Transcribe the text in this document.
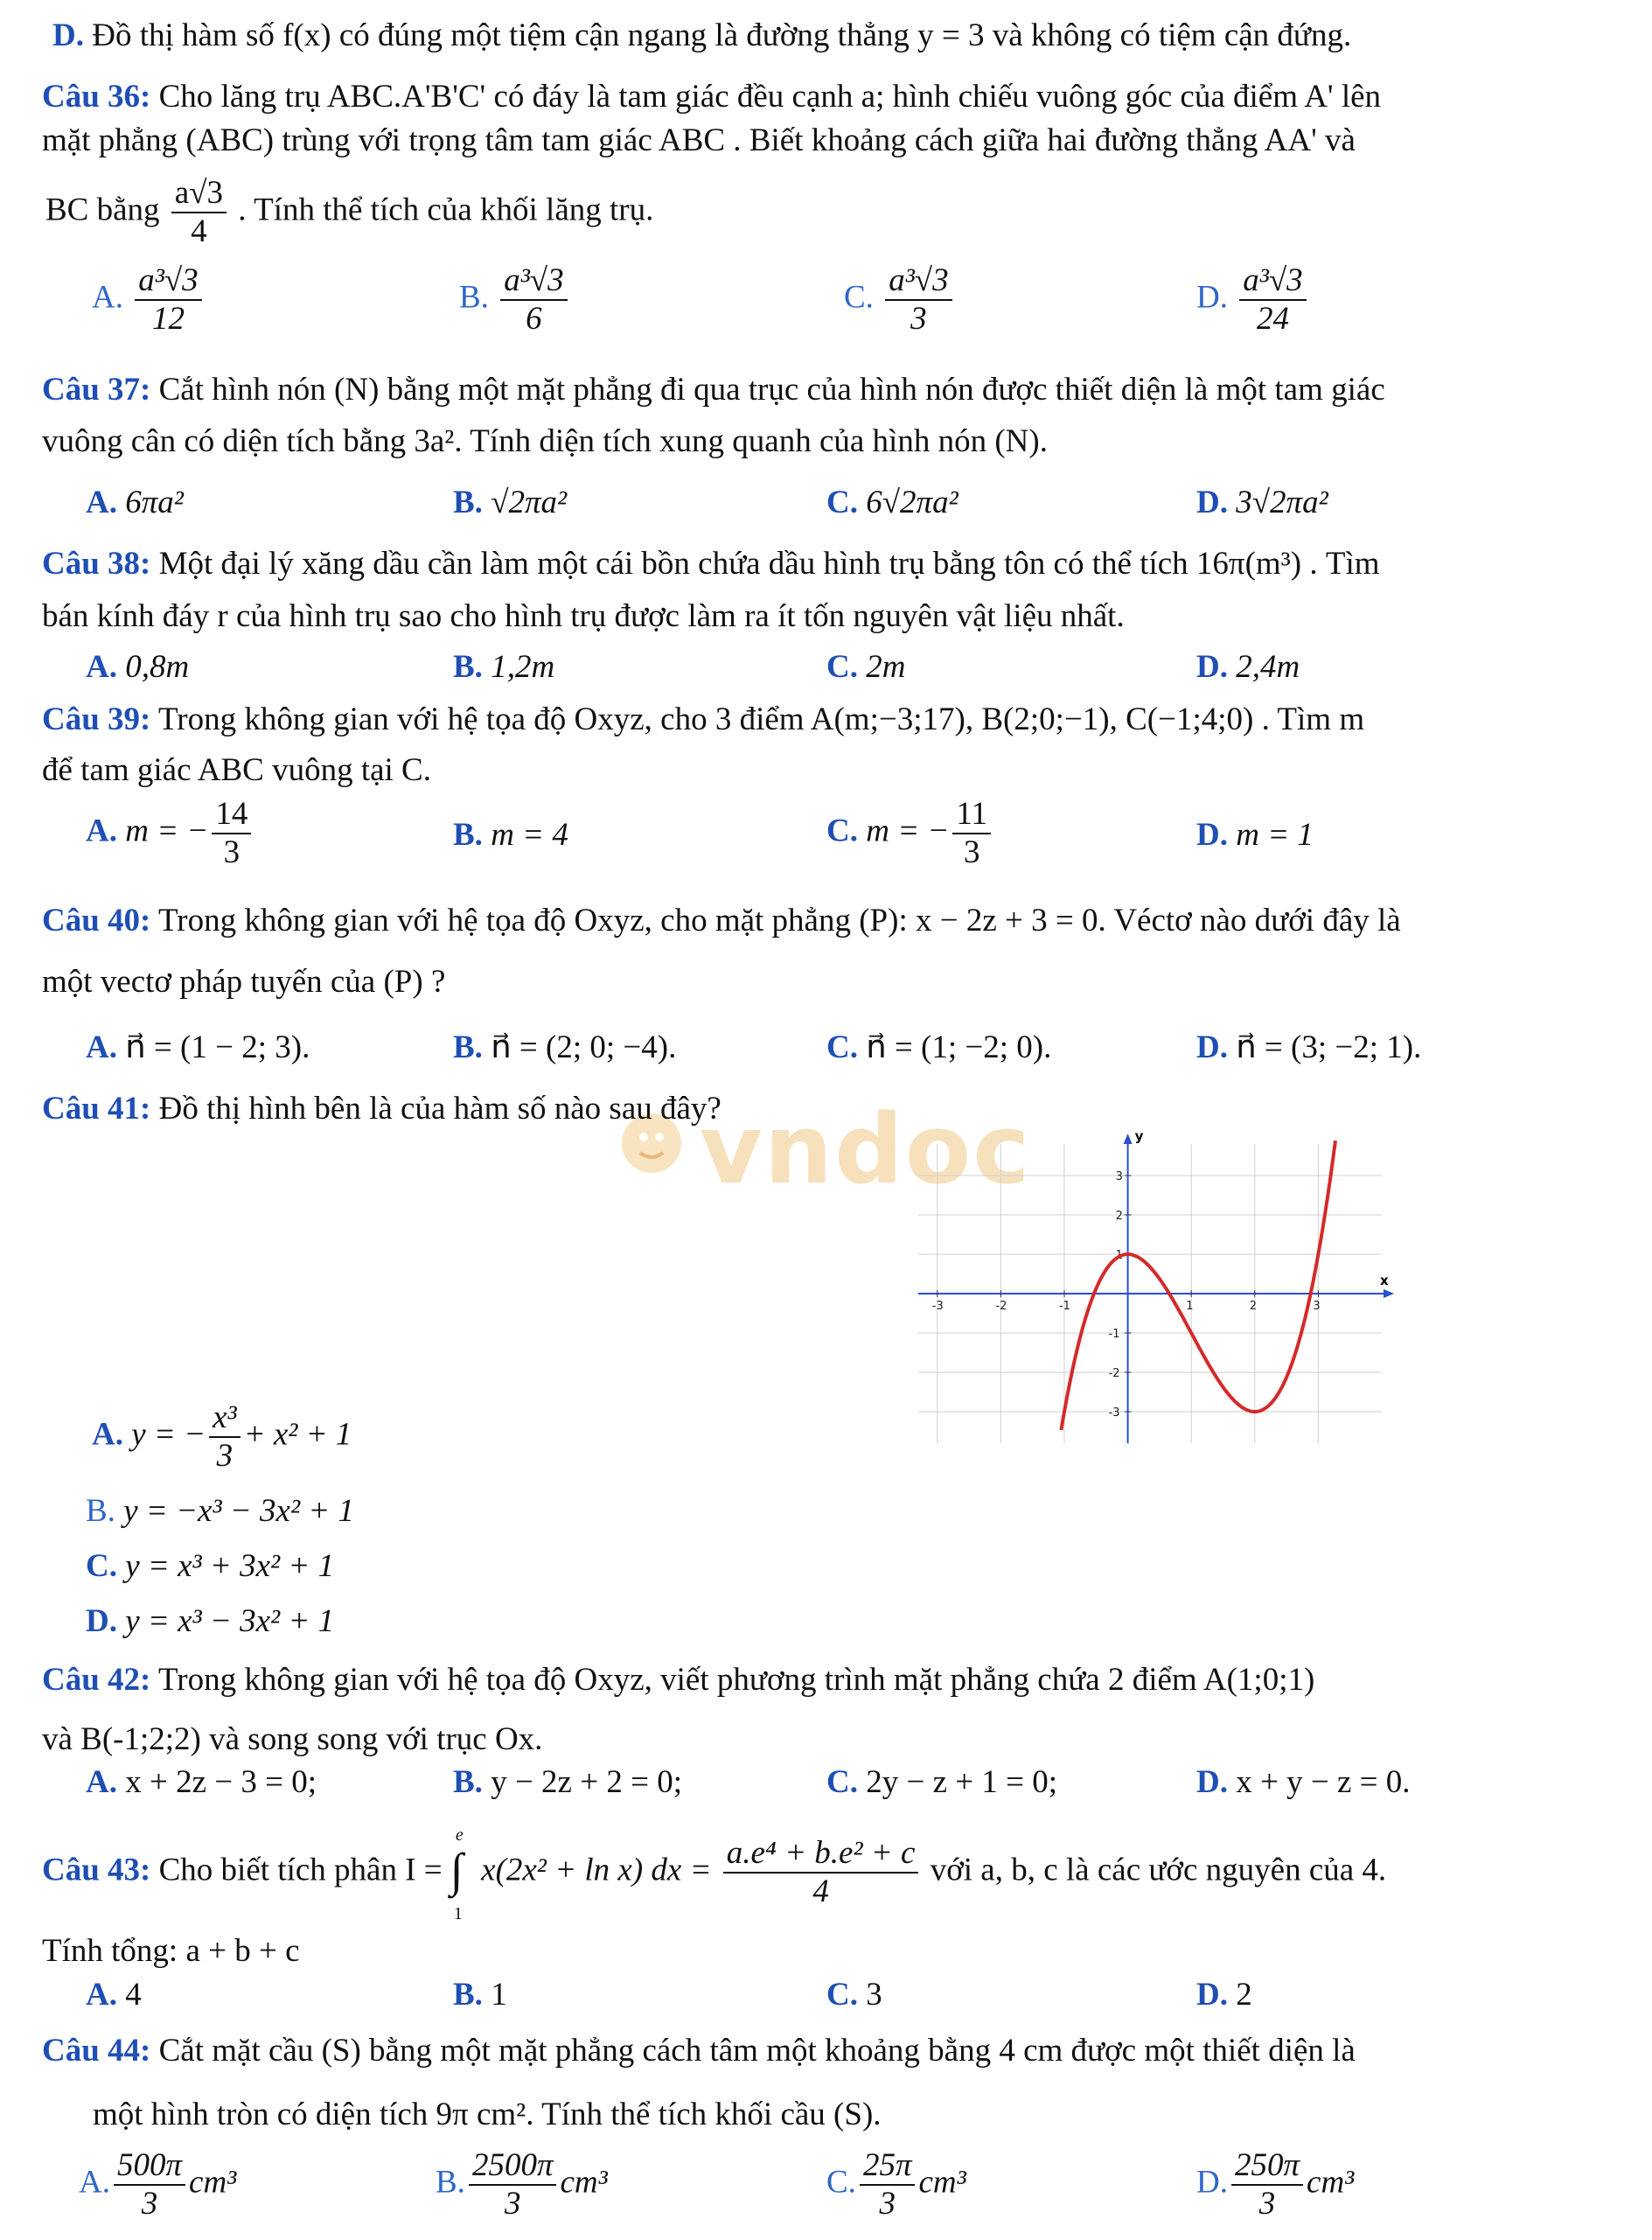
vndoc
D. Đồ thị hàm số f(x) có đúng một tiệm cận ngang là đường thẳng y = 3 và không có tiệm cận đứng.
Câu 36: Cho lăng trụ ABC.A'B'C' có đáy là tam giác đều cạnh a; hình chiếu vuông góc của điểm A' lên
mặt phẳng (ABC) trùng với trọng tâm tam giác ABC . Biết khoảng cách giữa hai đường thẳng AA' và
BC bằng $\frac{a√3}{4}$ . Tính thể tích của khối lăng trụ.
A. $\frac{\text{a³√3}}{12}$	B. $\frac{\text{a³√3}}{6}$	C. $\frac{\text{a³√3}}{3}$	D. $\frac{\text{a³√3}}{24}$
Câu 37: Cắt hình nón (N) bằng một mặt phẳng đi qua trục của hình nón được thiết diện là một tam giác
vuông cân có diện tích bằng 3a². Tính diện tích xung quanh của hình nón (N).
A. 6πa²	B. √2πa²	C. 6√2πa²	D. 3√2πa²
Câu 38: Một đại lý xăng dầu cần làm một cái bồn chứa dầu hình trụ bằng tôn có thể tích 16π(m³) . Tìm
bán kính đáy r của hình trụ sao cho hình trụ được làm ra ít tốn nguyên vật liệu nhất.
A. 0,8m	B. 1,2m	C. 2m	D. 2,4m
Câu 39: Trong không gian với hệ tọa độ Oxyz, cho 3 điểm A(m;−3;17), B(2;0;−1), C(−1;4;0) . Tìm m
để tam giác ABC vuông tại C.
A. m = − $\frac{14}{3}$	B. m = 4	C. m = − $\frac{11}{3}$	D. m = 1
Câu 40: Trong không gian với hệ tọa độ Oxyz, cho mặt phẳng (P): x − 2z + 3 = 0. Véctơ nào dưới đây là
một vectơ pháp tuyến của (P) ?
A. n⃗ = (1 − 2; 3).	B. n⃗ = (2; 0; −4).	C. n⃗ = (1; −2; 0).	D. n⃗ = (3; −2; 1).
Câu 41: Đồ thị hình bên là của hàm số nào sau đây?
-3	-2	-1	1	2	3
-3
-2
-1
1
2
3
x
y
A. y = − $\frac{\text{x³}}{3} + x^2 + 1$
B. y = −x³ − 3x² + 1
C. y = x³ + 3x² + 1
D. y = x³ − 3x² + 1
Câu 42: Trong không gian với hệ tọa độ Oxyz, viết phương trình mặt phẳng chứa 2 điểm A(1;0;1)
và B(-1;2;2) và song song với trục Ox.
A. x + 2z − 3 = 0;	B. y − 2z + 2 = 0;	C. 2y − z + 1 = 0;	D. x + y − z = 0.
Câu 43: Cho biết tích phân I =
e
∫
1
x(2x² + ln x) dx = $\frac{\text{a.e⁴ + b.e² + c}}{4}$ với a, b, c là các ước nguyên của 4.
Tính tổng: a + b + c
A. 4	B. 1	C. 3	D. 2
Câu 44: Cắt mặt cầu (S) bằng một mặt phẳng cách tâm một khoảng bằng 4 cm được một thiết diện là
một hình tròn có diện tích 9π cm². Tính thể tích khối cầu (S).
A. $\frac{500\pi}{3} cm^3$	B. $\frac{2500\pi}{3} cm^3$	C. $\frac{25\pi}{3} cm^3$	D. $\frac{250\pi}{3} cm^3$
